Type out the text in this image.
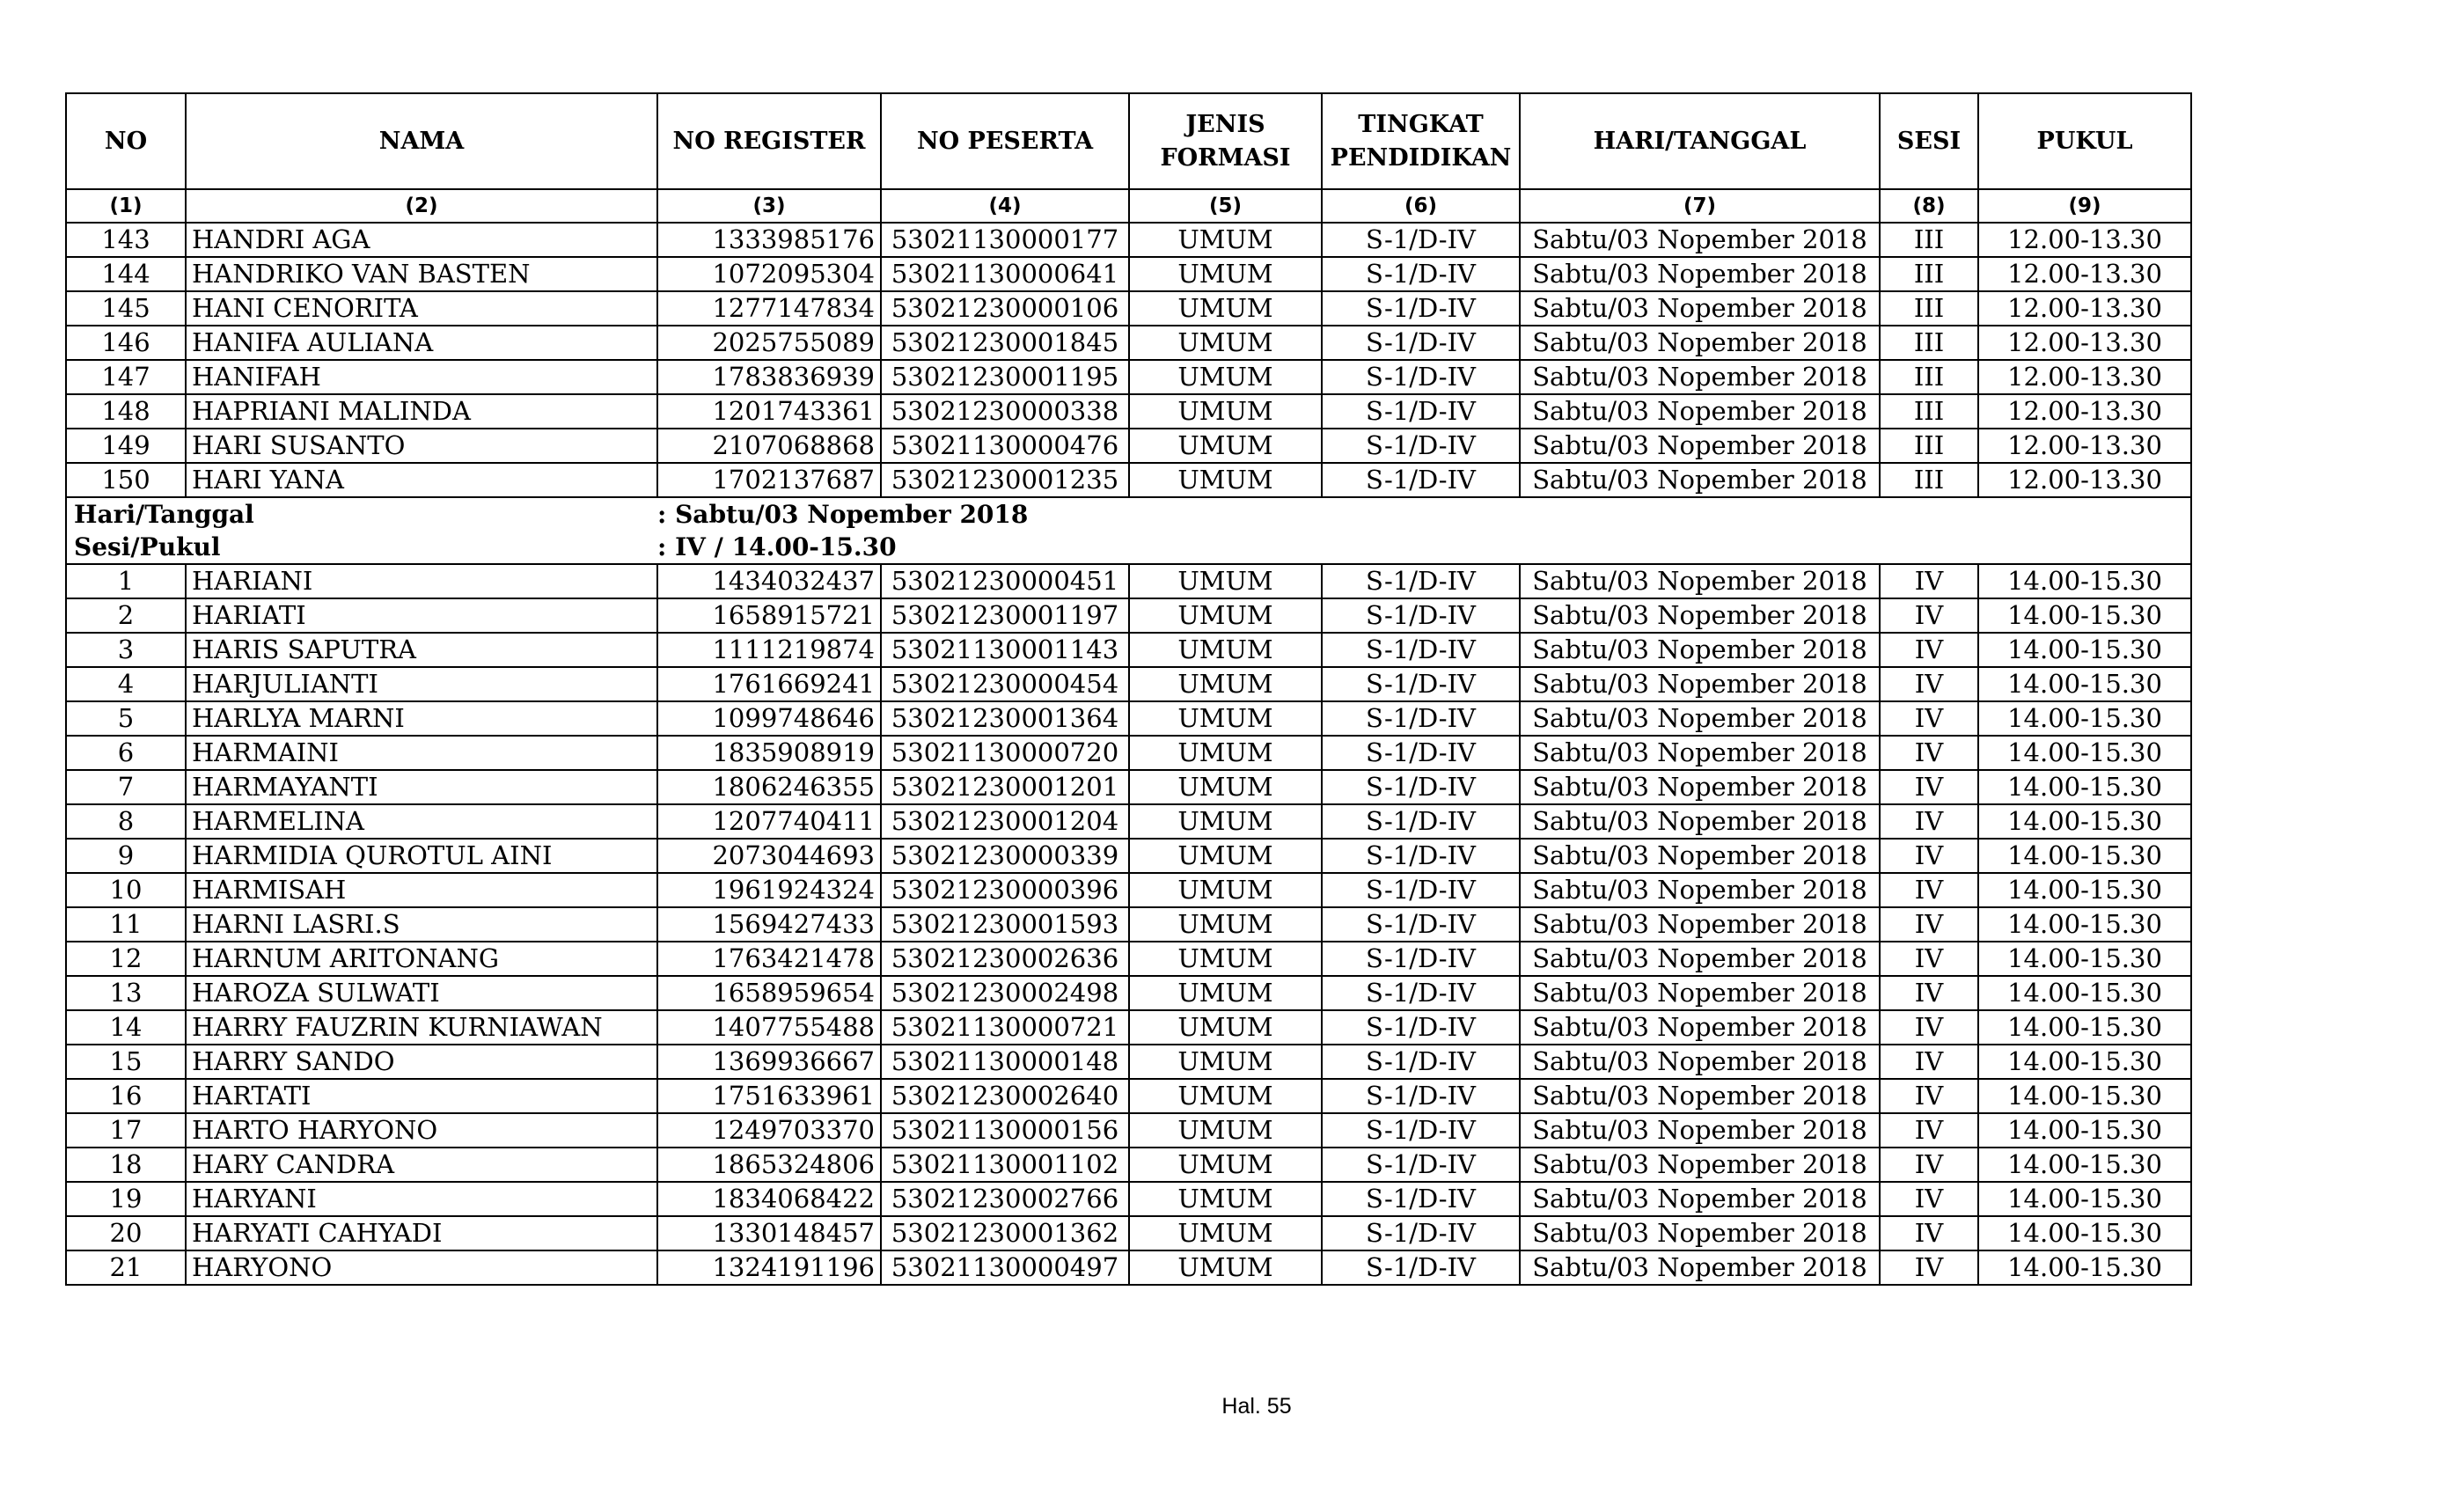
NO	NAMA	NO REGISTER	NO PESERTA	JENIS FORMASI	TINGKAT PENDIDIKAN	HARI/TANGGAL	SESI	PUKUL
(1)	(2)	(3)	(4)	(5)	(6)	(7)	(8)	(9)
143	HANDRI AGA	1333985176	53021130000177	UMUM	S-1/D-IV	Sabtu/03 Nopember 2018	III	12.00-13.30
144	HANDRIKO VAN BASTEN	1072095304	53021130000641	UMUM	S-1/D-IV	Sabtu/03 Nopember 2018	III	12.00-13.30
145	HANI CENORITA	1277147834	53021230000106	UMUM	S-1/D-IV	Sabtu/03 Nopember 2018	III	12.00-13.30
146	HANIFA AULIANA	2025755089	53021230001845	UMUM	S-1/D-IV	Sabtu/03 Nopember 2018	III	12.00-13.30
147	HANIFAH	1783836939	53021230001195	UMUM	S-1/D-IV	Sabtu/03 Nopember 2018	III	12.00-13.30
148	HAPRIANI MALINDA	1201743361	53021230000338	UMUM	S-1/D-IV	Sabtu/03 Nopember 2018	III	12.00-13.30
149	HARI SUSANTO	2107068868	53021130000476	UMUM	S-1/D-IV	Sabtu/03 Nopember 2018	III	12.00-13.30
150	HARI YANA	1702137687	53021230001235	UMUM	S-1/D-IV	Sabtu/03 Nopember 2018	III	12.00-13.30
Hari/Tanggal		: Sabtu/03 Nopember 2018						
Sesi/Pukul		: IV / 14.00-15.30						
1	HARIANI	1434032437	53021230000451	UMUM	S-1/D-IV	Sabtu/03 Nopember 2018	IV	14.00-15.30
2	HARIATI	1658915721	53021230001197	UMUM	S-1/D-IV	Sabtu/03 Nopember 2018	IV	14.00-15.30
3	HARIS SAPUTRA	1111219874	53021130001143	UMUM	S-1/D-IV	Sabtu/03 Nopember 2018	IV	14.00-15.30
4	HARJULIANTI	1761669241	53021230000454	UMUM	S-1/D-IV	Sabtu/03 Nopember 2018	IV	14.00-15.30
5	HARLYA MARNI	1099748646	53021230001364	UMUM	S-1/D-IV	Sabtu/03 Nopember 2018	IV	14.00-15.30
6	HARMAINI	1835908919	53021130000720	UMUM	S-1/D-IV	Sabtu/03 Nopember 2018	IV	14.00-15.30
7	HARMAYANTI	1806246355	53021230001201	UMUM	S-1/D-IV	Sabtu/03 Nopember 2018	IV	14.00-15.30
8	HARMELINA	1207740411	53021230001204	UMUM	S-1/D-IV	Sabtu/03 Nopember 2018	IV	14.00-15.30
9	HARMIDIA QUROTUL AINI	2073044693	53021230000339	UMUM	S-1/D-IV	Sabtu/03 Nopember 2018	IV	14.00-15.30
10	HARMISAH	1961924324	53021230000396	UMUM	S-1/D-IV	Sabtu/03 Nopember 2018	IV	14.00-15.30
11	HARNI LASRI.S	1569427433	53021230001593	UMUM	S-1/D-IV	Sabtu/03 Nopember 2018	IV	14.00-15.30
12	HARNUM ARITONANG	1763421478	53021230002636	UMUM	S-1/D-IV	Sabtu/03 Nopember 2018	IV	14.00-15.30
13	HAROZA SULWATI	1658959654	53021230002498	UMUM	S-1/D-IV	Sabtu/03 Nopember 2018	IV	14.00-15.30
14	HARRY FAUZRIN KURNIAWAN	1407755488	53021130000721	UMUM	S-1/D-IV	Sabtu/03 Nopember 2018	IV	14.00-15.30
15	HARRY SANDO	1369936667	53021130000148	UMUM	S-1/D-IV	Sabtu/03 Nopember 2018	IV	14.00-15.30
16	HARTATI	1751633961	53021230002640	UMUM	S-1/D-IV	Sabtu/03 Nopember 2018	IV	14.00-15.30
17	HARTO HARYONO	1249703370	53021130000156	UMUM	S-1/D-IV	Sabtu/03 Nopember 2018	IV	14.00-15.30
18	HARY CANDRA	1865324806	53021130001102	UMUM	S-1/D-IV	Sabtu/03 Nopember 2018	IV	14.00-15.30
19	HARYANI	1834068422	53021230002766	UMUM	S-1/D-IV	Sabtu/03 Nopember 2018	IV	14.00-15.30
20	HARYATI CAHYADI	1330148457	53021230001362	UMUM	S-1/D-IV	Sabtu/03 Nopember 2018	IV	14.00-15.30
21	HARYONO	1324191196	53021130000497	UMUM	S-1/D-IV	Sabtu/03 Nopember 2018	IV	14.00-15.30
Hal. 55
